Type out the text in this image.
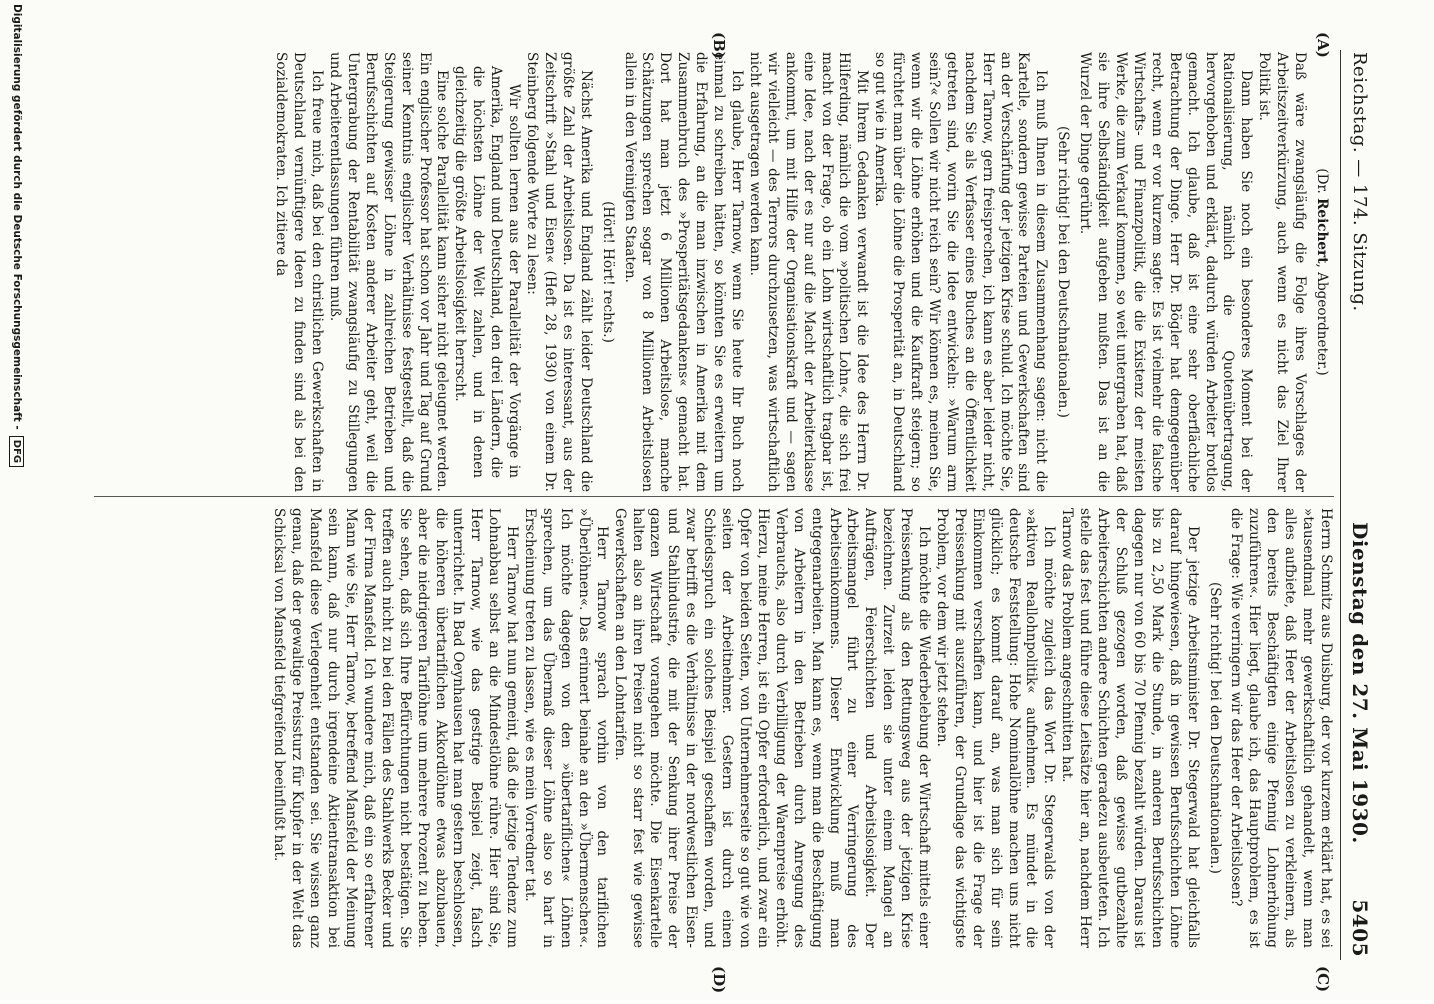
Reichstag. — 174. Sitzung.
Dienstag den 27. Mai 1930.
5405
(A)
(B)
(C)
(D)

(Dr. Reichert, Abgeordneter.)

Daß wäre zwangsläufig die Folge ihres Vorschlages der Arbeitszeitverkürzung, auch wenn es nicht das Ziel Ihrer Politik ist.

Dann haben Sie noch ein besonderes Moment bei der Rationalisierung, nämlich die Quotenübertragung, hervorgehoben und erklärt, dadurch würden Arbeiter brotlos gemacht. Ich glaube, daß ist eine sehr oberflächliche Betrachtung der Dinge. Herr Dr. Bögler hat demgegenüber recht, wenn er vor kurzem sagte: Es ist vielmehr die falsche Wirtschafts- und Finanzpolitik, die die Existenz der meisten Werke, die zum Verkauf kommen, so weit untergraben hat, daß sie ihre Selbständigkeit aufgeben mußten. Das ist an die Wurzel der Dinge gerührt.

(Sehr richtig! bei den Deutschnationalen.)

Ich muß Ihnen in diesem Zusammenhang sagen: nicht die Kartelle, sondern gewisse Parteien und Gewerkschaften sind an der Verschärfung der jetzigen Krise schuld. Ich möchte Sie, Herr Tarnow, gern freisprechen, ich kann es aber leider nicht, nachdem Sie als Verfasser eines Buches an die Öffentlichkeit getreten sind, worin Sie die Idee entwickeln: »Warum arm sein?« Sollen wir nicht reich sein? Wir können es, meinen Sie, wenn wir die Löhne erhöhen und die Kaufkraft steigern; so fürchtet man über die Löhne die Prosperität an, in Deutschland so gut wie in Amerika.

Mit Ihrem Gedanken verwandt ist die Idee des Herrn Dr. Hilferding, nämlich die vom »politischen Lohn«, die sich frei macht von der Frage, ob ein Lohn wirtschaftlich tragbar ist, eine Idee, nach der es nur auf die Macht der Arbeiterklasse ankommt, um mit Hilfe der Organisationskraft und — sagen wir vielleicht — des Terrors durchzusetzen, was wirtschaftlich nicht ausgetragen werden kann.

Ich glaube, Herr Tarnow, wenn Sie heute Ihr Buch noch einmal zu schreiben hätten, so könnten Sie es erweitern um die Erfahrung, an die man inzwischen in Amerika mit dem Zusammenbruch des »Prosperitätsgedankens« gemacht hat. Dort hat man jetzt 6 Millionen Arbeitslose, manche Schätzungen sprechen sogar von 8 Millionen Arbeitslosen allein in den Vereinigten Staaten.

(Hört! Hört! rechts.)

Nächst Amerika und England zählt leider Deutschland die größte Zahl der Arbeitslosen. Da ist es interessant, aus der Zeitschrift »Stahl und Eisen« (Heft 28, 1930) von einem Dr. Steinberg folgende Worte zu lesen:

Wir sollten lernen aus der Parallelität der Vorgänge in Amerika, England und Deutschland, den drei Ländern, die die höchsten Löhne der Welt zahlen, und in denen gleichzeitig die größte Arbeitslosigkeit herrscht.

Eine solche Parallelität kann sicher nicht geleugnet werden. Ein englischer Professor hat schon vor Jahr und Tag auf Grund seiner Kenntnis englischer Verhältnisse festgestellt, daß die Steigerung gewisser Löhne in zahlreichen Betrieben und Berufsschichten auf Kosten anderer Arbeiter geht, weil die Untergrabung der Rentabilität zwangsläufig zu Stillegungen und Arbeiterentlassungen führen muß.

Ich freue mich, daß bei den christlichen Gewerkschaften in Deutschland vernünftigere Ideen zu finden sind als bei den Sozialdemokraten. Ich zitiere da

Herrn Schmitz aus Duisburg, der vor kurzem erklärt hat, es sei »tausendmal mehr gewerkschaftlich gehandelt, wenn man alles aufbiete, daß Heer der Arbeitslosen zu verkleinern, als den bereits Beschäftigten einige Pfennig Lohnerhöhung zuzuführen«. Hier liegt, glaube ich, das Hauptproblem, es ist die Frage: Wie verringern wir das Heer der Arbeitslosen?

(Sehr richtig! bei den Deutschnationalen.)

Der jetzige Arbeitsminister Dr. Stegerwald hat gleichfalls darauf hingewiesen, daß in gewissen Berufsschichten Löhne bis zu 2,50 Mark die Stunde, in anderen Berufsschichten dagegen nur von 60 bis 70 Pfennig bezahlt würden. Daraus ist der Schluß gezogen worden, daß gewisse gutbezahlte Arbeiterschichten andere Schichten geradezu ausbeuteten. Ich stelle das fest und führe diese Leitsätze hier an, nachdem Herr Tarnow das Problem angeschnitten hat.

Ich möchte zugleich das Wort Dr. Stegerwalds von der »aktiven Reallohnpolitik« aufnehmen. Es mündet in die deutsche Feststellung: Hohe Nominallöhne machen uns nicht glücklich; es kommt darauf an, was man sich für sein Einkommen verschaffen kann, und hier ist die Frage der Preissenkung mit auszuführen, der Grundlage das wichtigste Problem, vor dem wir jetzt stehen.

Ich möchte die Wiederbelebung der Wirtschaft mittels einer Preissenkung als den Rettungsweg aus der jetzigen Krise bezeichnen. Zurzeit leiden sie unter einem Mangel an Aufträgen, Feierschichten und Arbeitslosigkeit. Der Arbeitsmangel führt zu einer Verringerung des Arbeitseinkommens. Dieser Entwicklung muß man entgegenarbeiten. Man kann es, wenn man die Beschäftigung von Arbeitern in den Betrieben durch Anregung des Verbrauchs, also durch Verbilligung der Warenpreise erhöht. Hierzu, meine Herren, ist ein Opfer erforderlich, und zwar ein Opfer von beiden Seiten, von Unternehmerseite so gut wie von seiten der Arbeitnehmer. Gestern ist durch einen Schiedsspruch ein solches Beispiel geschaffen worden, und zwar betrifft es die Verhältnisse in der nordwestlichen Eisen- und Stahlindustrie, die mit der Senkung ihrer Preise der ganzen Wirtschaft vorangehen möchte. Die Eisenkartelle halten also an ihren Preisen nicht so starr fest wie gewisse Gewerkschaften an den Lohntarifen.

Herr Tarnow sprach vorhin von den tariflichen »Überlöhnen«. Das erinnert beinahe an den »Übermenschen«. Ich möchte dagegen von den »übertariflichen« Löhnen sprechen, um das Übermaß dieser Löhne also so hart in Erscheinung treten zu lassen, wie es mein Vorredner tat.

Herr Tarnow hat nun gemeint, daß die jetzige Tendenz zum Lohnabbau selbst an die Mindestlöhne rühre. Hier sind Sie, Herr Tarnow, wie das gestrige Beispiel zeigt, falsch unterrichtet. In Bad Oeynhausen hat man gestern beschlossen, die höheren übertariflichen Akkordlöhne etwas abzubauen, aber die niedrigeren Tariflöhne um mehrere Prozent zu heben. Sie sehen, daß sich Ihre Befürchtungen nicht bestätigen. Sie treffen auch nicht zu bei den Fällen des Stahlwerks Becker und der Firma Mansfeld. Ich wundere mich, daß ein so erfahrener Mann wie Sie, Herr Tarnow, betreffend Mansfeld der Meinung sein kann, daß nur durch irgendeine Aktientransaktion bei Mansfeld diese Verlegenheit entstanden sei. Sie wissen ganz genau, daß der gewaltige Preissturz für Kupfer in der Welt das Schicksal von Mansfeld tiefgreifend beeinflußt hat.

Digitalisierung gefördert durch die Deutsche Forschungsgemeinschaft -
DFG
